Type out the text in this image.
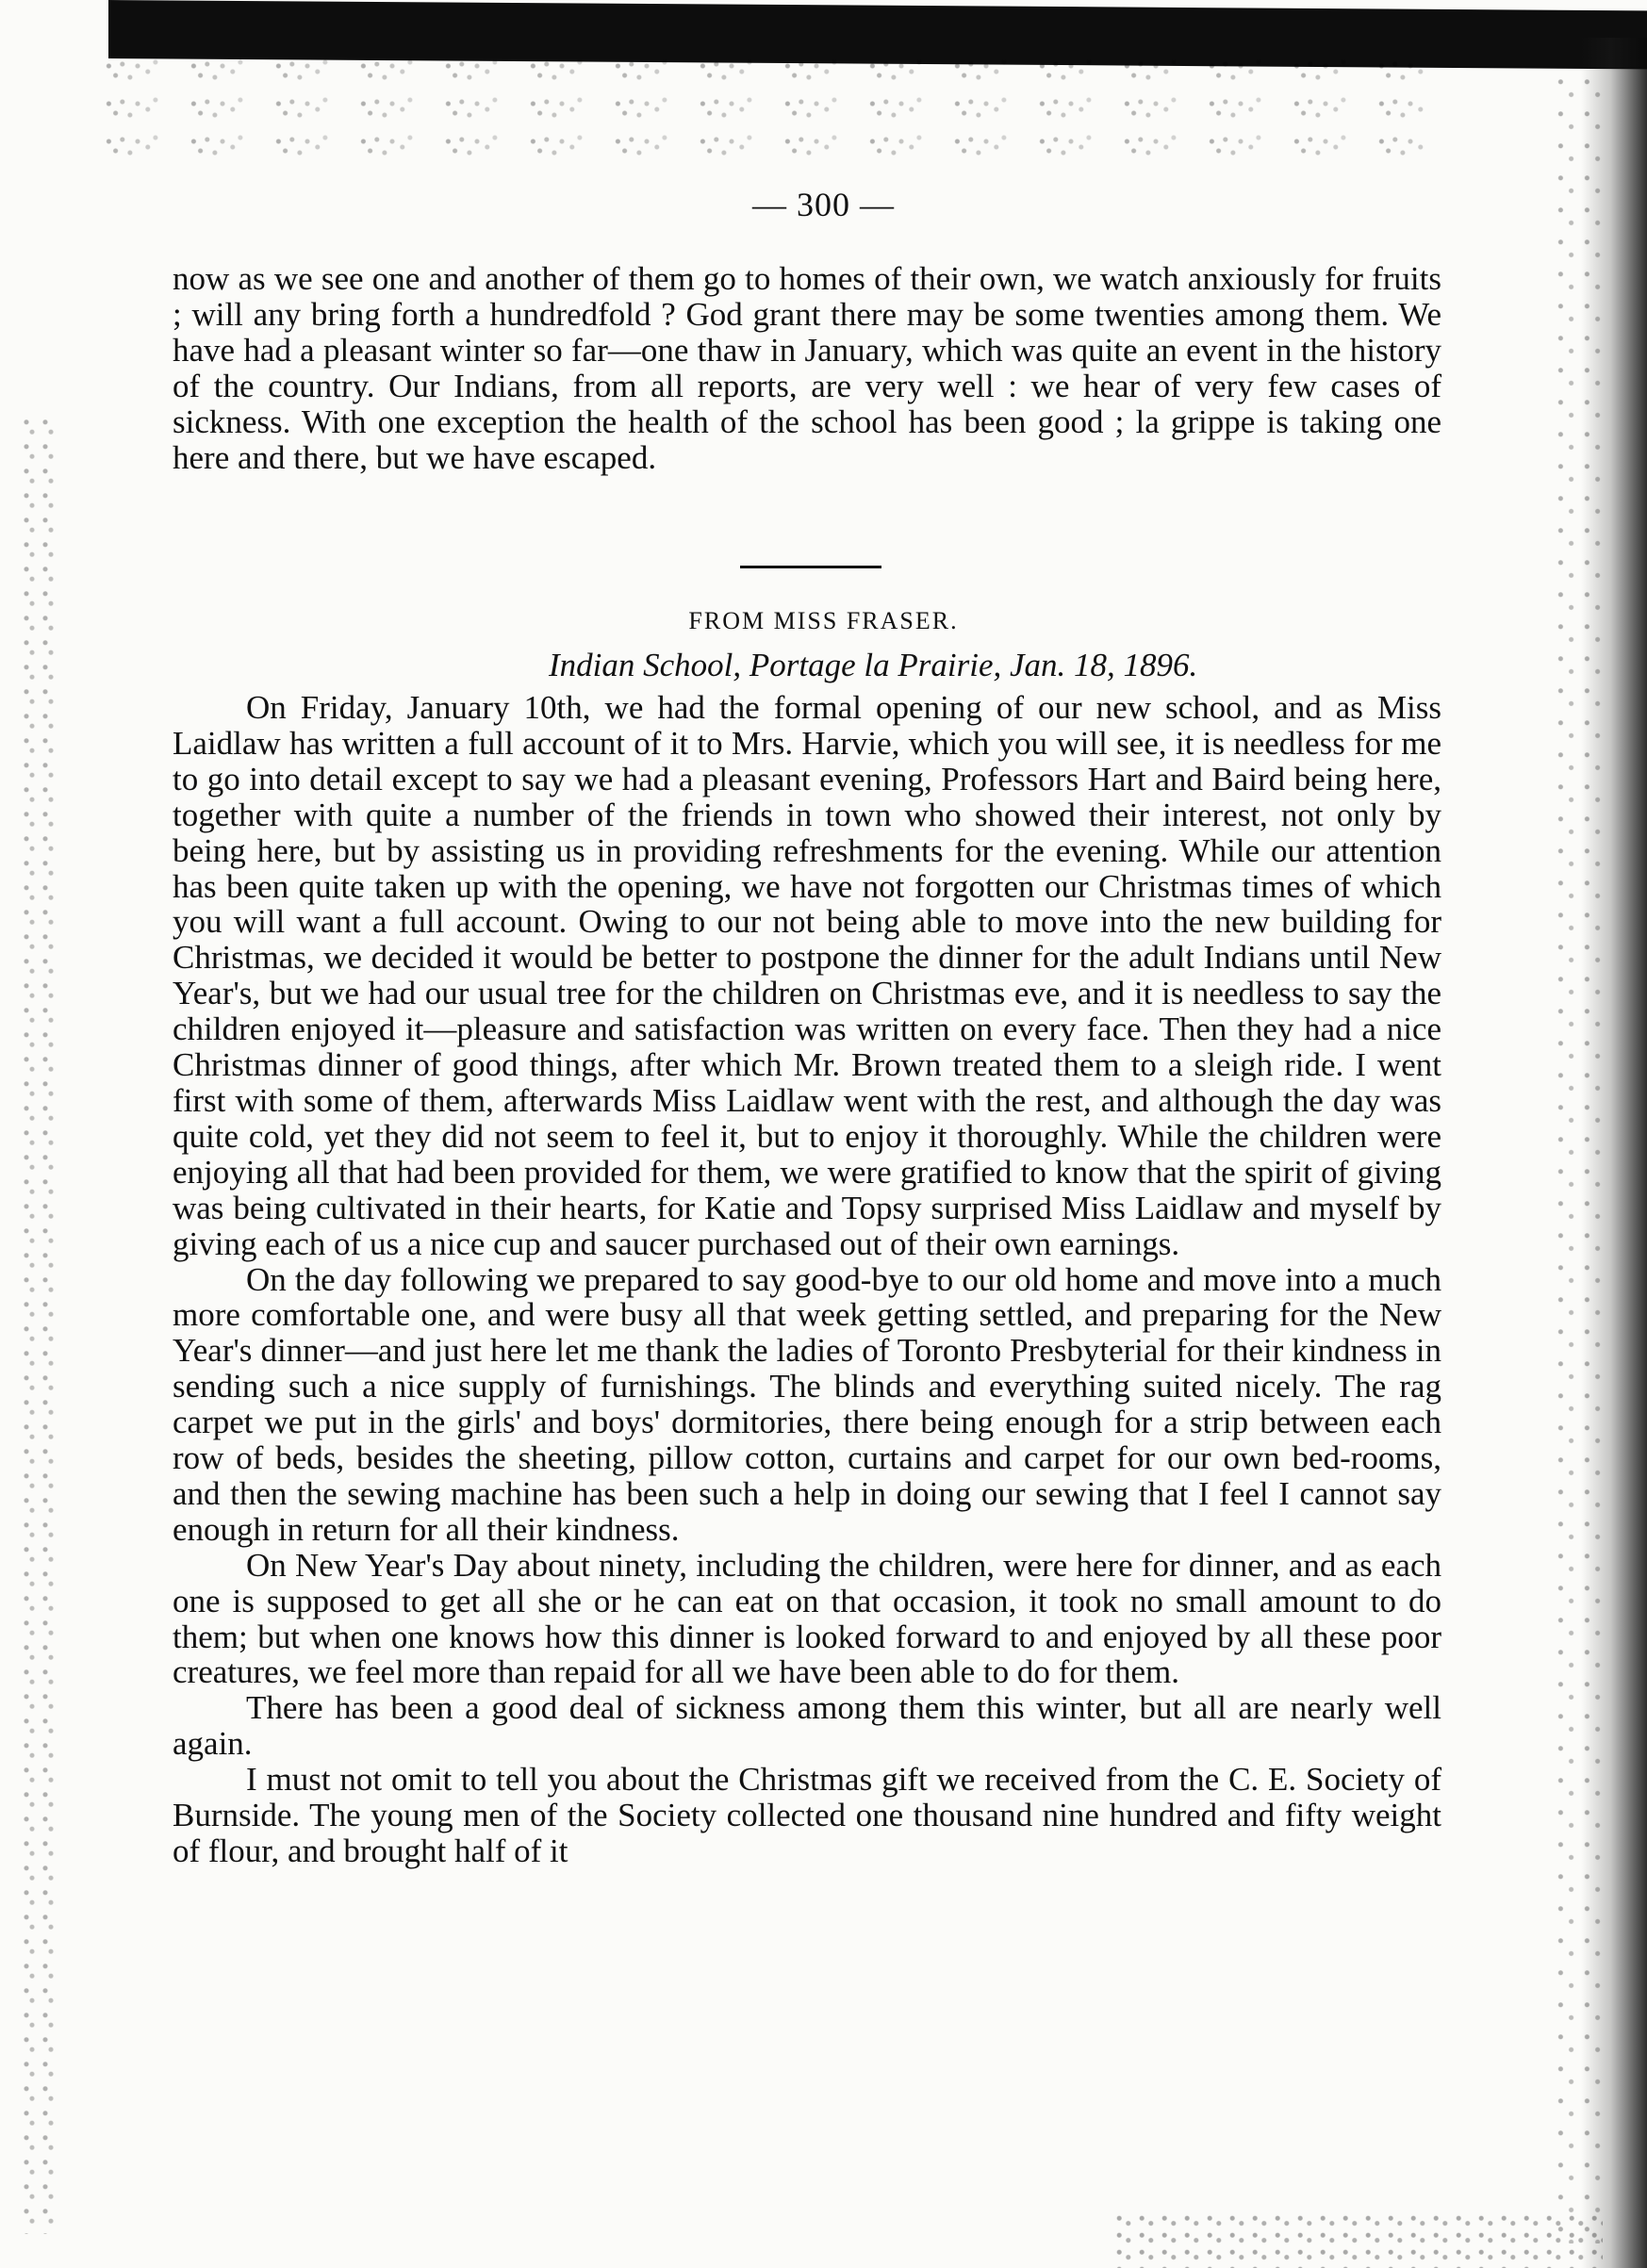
— 300 —

now as we see one and another of them go to homes of their own, we watch anxiously for fruits ; will any bring forth a hundredfold ? God grant there may be some twenties among them. We have had a pleasant winter so far—one thaw in January, which was quite an event in the history of the country. Our Indians, from all reports, are very well : we hear of very few cases of sickness. With one exception the health of the school has been good ; la grippe is taking one here and there, but we have escaped.

FROM MISS FRASER.
Indian School, Portage la Prairie, Jan. 18, 1896.

On Friday, January 10th, we had the formal opening of our new school, and as Miss Laidlaw has written a full account of it to Mrs. Harvie, which you will see, it is needless for me to go into detail except to say we had a pleasant evening, Professors Hart and Baird being here, together with quite a number of the friends in town who showed their interest, not only by being here, but by assisting us in providing refreshments for the evening. While our attention has been quite taken up with the opening, we have not forgotten our Christmas times of which you will want a full account. Owing to our not being able to move into the new building for Christmas, we decided it would be better to postpone the dinner for the adult Indians until New Year's, but we had our usual tree for the children on Christmas eve, and it is needless to say the children enjoyed it—pleasure and satisfaction was written on every face. Then they had a nice Christmas dinner of good things, after which Mr. Brown treated them to a sleigh ride. I went first with some of them, afterwards Miss Laidlaw went with the rest, and although the day was quite cold, yet they did not seem to feel it, but to enjoy it thoroughly. While the children were enjoying all that had been provided for them, we were gratified to know that the spirit of giving was being cultivated in their hearts, for Katie and Topsy surprised Miss Laidlaw and myself by giving each of us a nice cup and saucer purchased out of their own earnings.

On the day following we prepared to say good-bye to our old home and move into a much more comfortable one, and were busy all that week getting settled, and preparing for the New Year's dinner—and just here let me thank the ladies of Toronto Presbyterial for their kindness in sending such a nice supply of furnishings. The blinds and everything suited nicely. The rag carpet we put in the girls' and boys' dormitories, there being enough for a strip between each row of beds, besides the sheeting, pillow cotton, curtains and carpet for our own bed-rooms, and then the sewing machine has been such a help in doing our sewing that I feel I cannot say enough in return for all their kindness.

On New Year's Day about ninety, including the children, were here for dinner, and as each one is supposed to get all she or he can eat on that occasion, it took no small amount to do them; but when one knows how this dinner is looked forward to and enjoyed by all these poor creatures, we feel more than repaid for all we have been able to do for them.

There has been a good deal of sickness among them this winter, but all are nearly well again.

I must not omit to tell you about the Christmas gift we received from the C. E. Society of Burnside. The young men of the Society collected one thousand nine hundred and fifty weight of flour, and brought half of it
